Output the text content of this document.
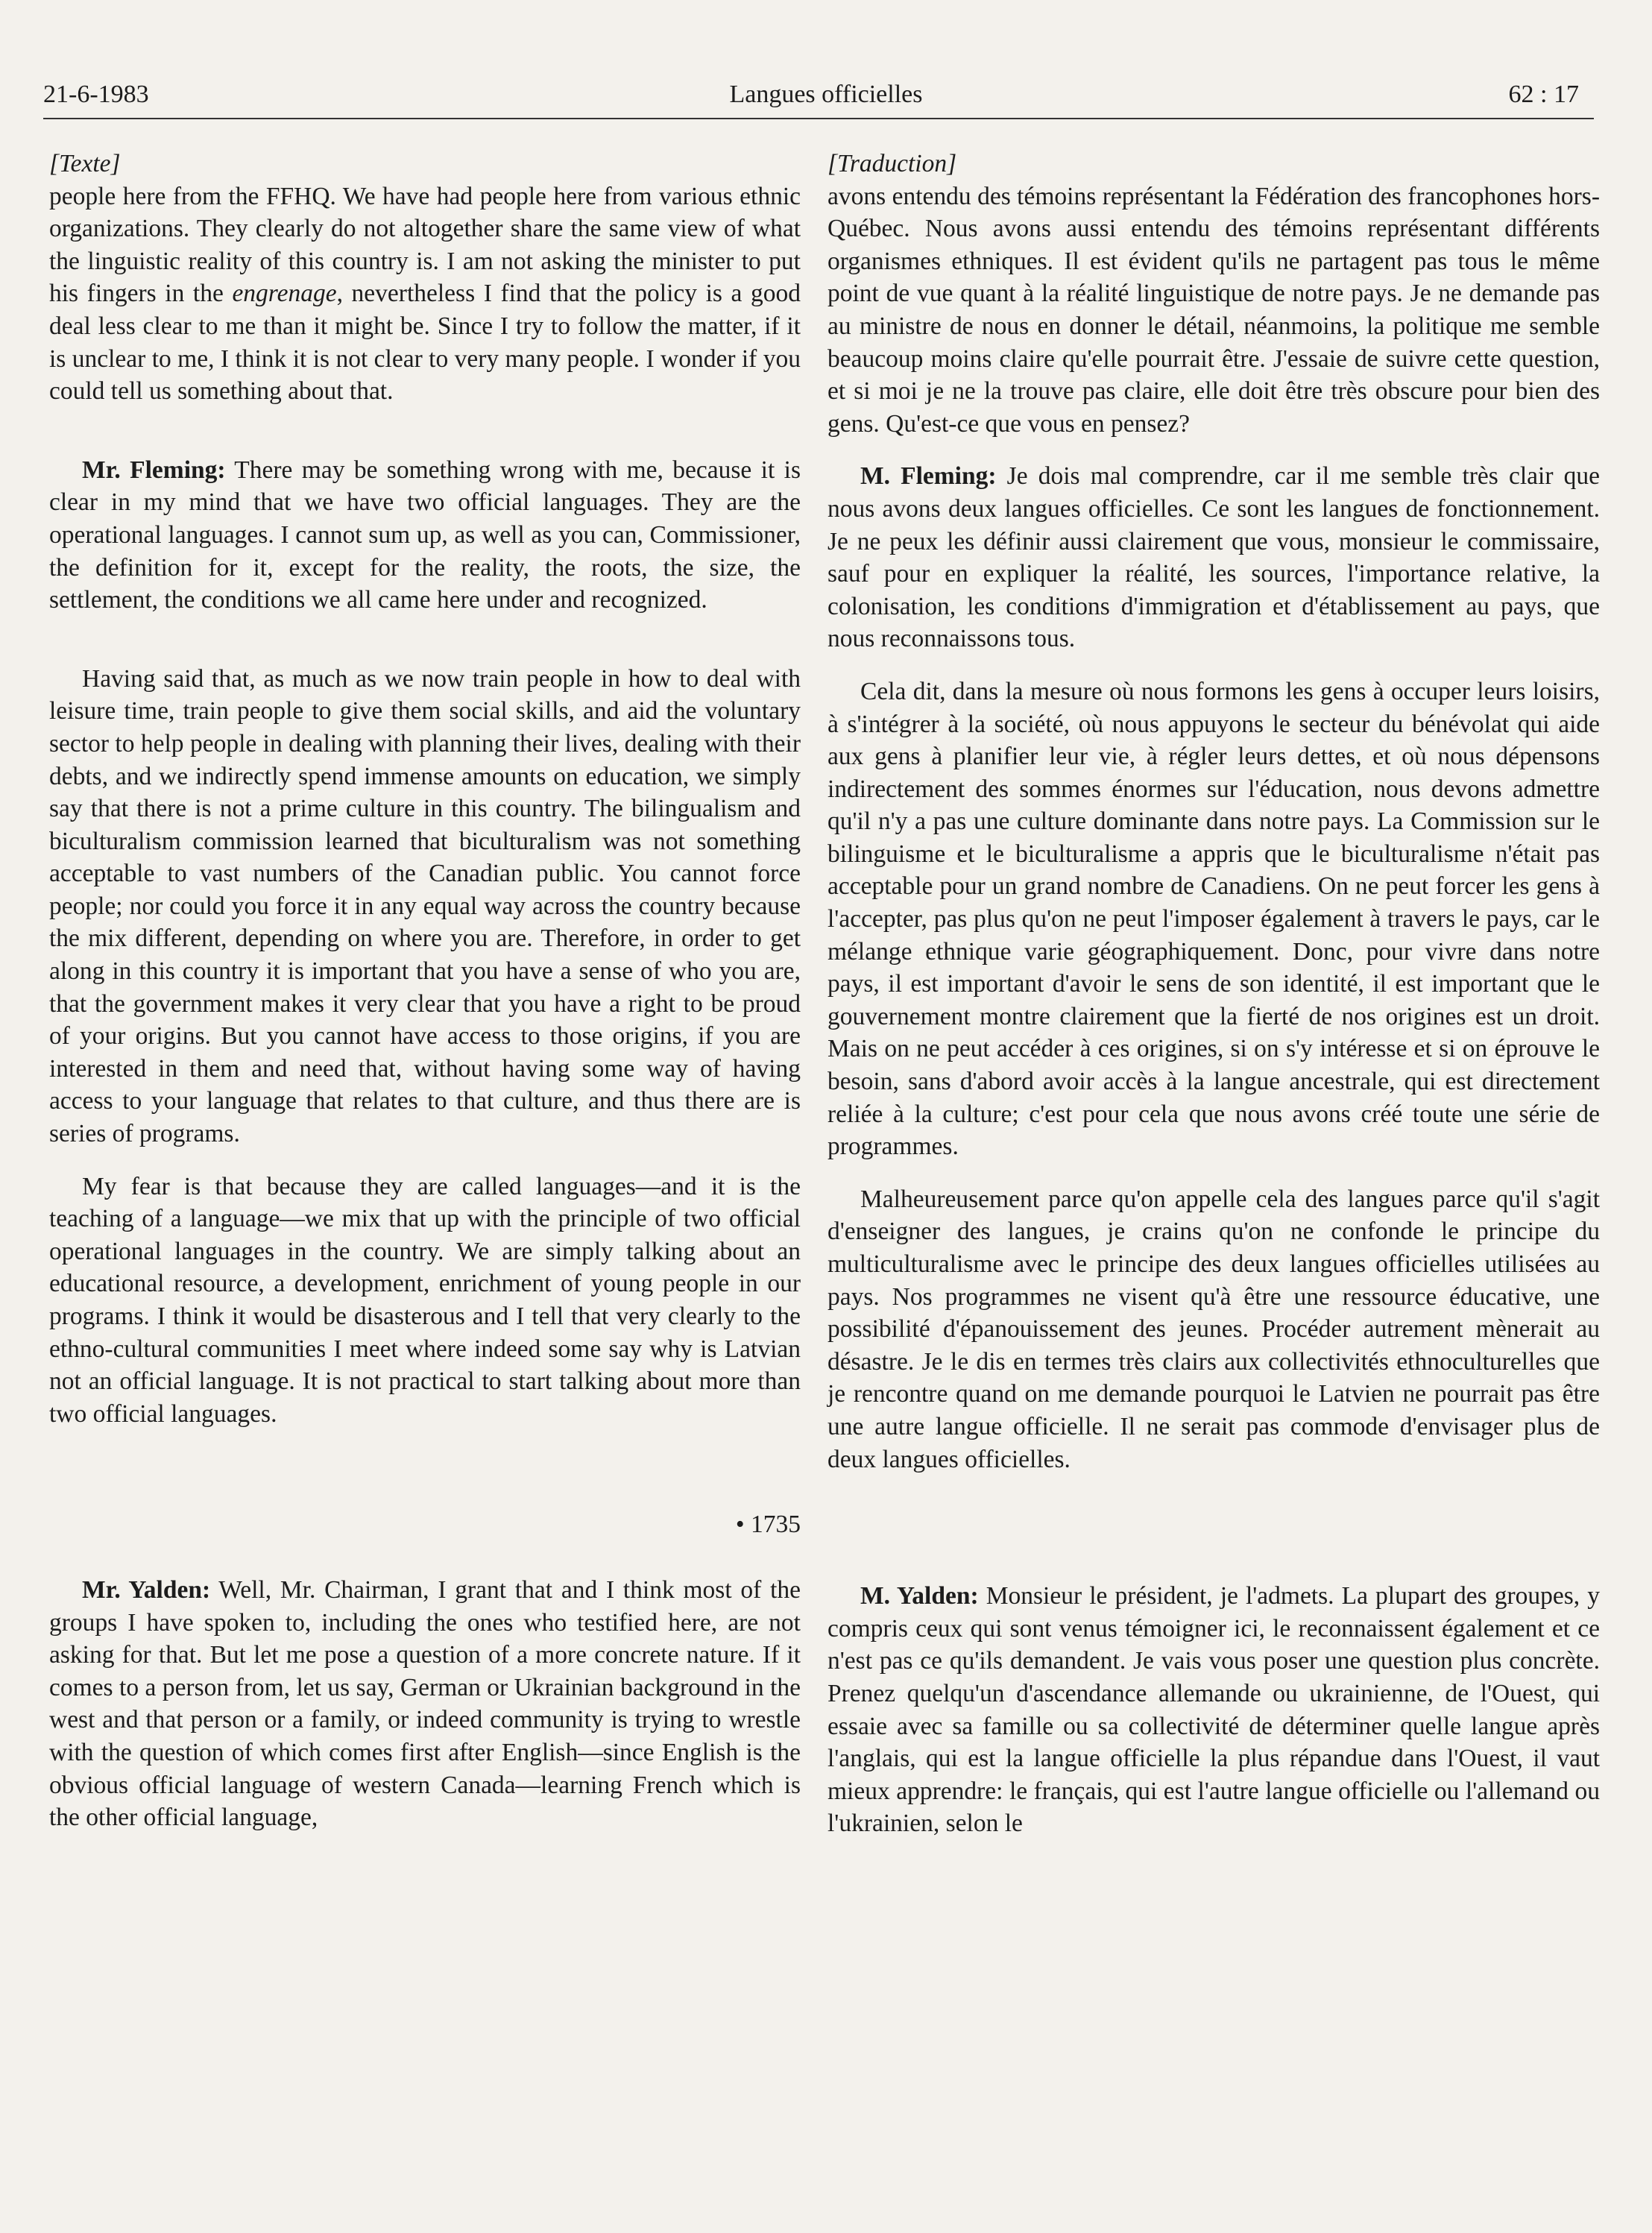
21-6-1983	Langues officielles	62 : 17

[Texte]

people here from the FFHQ. We have had people here from various ethnic organizations. They clearly do not altogether share the same view of what the linguistic reality of this country is. I am not asking the minister to put his fingers in the engrenage, nevertheless I find that the policy is a good deal less clear to me than it might be. Since I try to follow the matter, if it is unclear to me, I think it is not clear to very many people. I wonder if you could tell us something about that.

Mr. Fleming: There may be something wrong with me, because it is clear in my mind that we have two official languages. They are the operational languages. I cannot sum up, as well as you can, Commissioner, the definition for it, except for the reality, the roots, the size, the settlement, the conditions we all came here under and recognized.

Having said that, as much as we now train people in how to deal with leisure time, train people to give them social skills, and aid the voluntary sector to help people in dealing with planning their lives, dealing with their debts, and we indirectly spend immense amounts on education, we simply say that there is not a prime culture in this country. The bilingualism and biculturalism commission learned that biculturalism was not something acceptable to vast numbers of the Canadian public. You cannot force people; nor could you force it in any equal way across the country because the mix different, depending on where you are. Therefore, in order to get along in this country it is important that you have a sense of who you are, that the government makes it very clear that you have a right to be proud of your origins. But you cannot have access to those origins, if you are interested in them and need that, without having some way of having access to your language that relates to that culture, and thus there are is series of programs.

My fear is that because they are called languages—and it is the teaching of a language—we mix that up with the principle of two official operational languages in the country. We are simply talking about an educational resource, a development, enrichment of young people in our programs. I think it would be disasterous and I tell that very clearly to the ethno-cultural communities I meet where indeed some say why is Latvian not an official language. It is not practical to start talking about more than two official languages.

• 1735

Mr. Yalden: Well, Mr. Chairman, I grant that and I think most of the groups I have spoken to, including the ones who testified here, are not asking for that. But let me pose a question of a more concrete nature. If it comes to a person from, let us say, German or Ukrainian background in the west and that person or a family, or indeed community is trying to wrestle with the question of which comes first after English—since English is the obvious official language of western Canada—learning French which is the other official language,

[Traduction]

avons entendu des témoins représentant la Fédération des francophones hors-Québec. Nous avons aussi entendu des témoins représentant différents organismes ethniques. Il est évident qu'ils ne partagent pas tous le même point de vue quant à la réalité linguistique de notre pays. Je ne demande pas au ministre de nous en donner le détail, néanmoins, la politique me semble beaucoup moins claire qu'elle pourrait être. J'essaie de suivre cette question, et si moi je ne la trouve pas claire, elle doit être très obscure pour bien des gens. Qu'est-ce que vous en pensez?

M. Fleming: Je dois mal comprendre, car il me semble très clair que nous avons deux langues officielles. Ce sont les langues de fonctionnement. Je ne peux les définir aussi clairement que vous, monsieur le commissaire, sauf pour en expliquer la réalité, les sources, l'importance relative, la colonisation, les conditions d'immigration et d'établissement au pays, que nous reconnaissons tous.

Cela dit, dans la mesure où nous formons les gens à occuper leurs loisirs, à s'intégrer à la société, où nous appuyons le secteur du bénévolat qui aide aux gens à planifier leur vie, à régler leurs dettes, et où nous dépensons indirectement des sommes énormes sur l'éducation, nous devons admettre qu'il n'y a pas une culture dominante dans notre pays. La Commission sur le bilinguisme et le biculturalisme a appris que le biculturalisme n'était pas acceptable pour un grand nombre de Canadiens. On ne peut forcer les gens à l'accepter, pas plus qu'on ne peut l'imposer également à travers le pays, car le mélange ethnique varie géographiquement. Donc, pour vivre dans notre pays, il est important d'avoir le sens de son identité, il est important que le gouvernement montre clairement que la fierté de nos origines est un droit. Mais on ne peut accéder à ces origines, si on s'y intéresse et si on éprouve le besoin, sans d'abord avoir accès à la langue ancestrale, qui est directement reliée à la culture; c'est pour cela que nous avons créé toute une série de programmes.

Malheureusement parce qu'on appelle cela des langues parce qu'il s'agit d'enseigner des langues, je crains qu'on ne confonde le principe du multiculturalisme avec le principe des deux langues officielles utilisées au pays. Nos programmes ne visent qu'à être une ressource éducative, une possibilité d'épanouissement des jeunes. Procéder autrement mènerait au désastre. Je le dis en termes très clairs aux collectivités ethnoculturelles que je rencontre quand on me demande pourquoi le Latvien ne pourrait pas être une autre langue officielle. Il ne serait pas commode d'envisager plus de deux langues officielles.

M. Yalden: Monsieur le président, je l'admets. La plupart des groupes, y compris ceux qui sont venus témoigner ici, le reconnaissent également et ce n'est pas ce qu'ils demandent. Je vais vous poser une question plus concrète. Prenez quelqu'un d'ascendance allemande ou ukrainienne, de l'Ouest, qui essaie avec sa famille ou sa collectivité de déterminer quelle langue après l'anglais, qui est la langue officielle la plus répandue dans l'Ouest, il vaut mieux apprendre: le français, qui est l'autre langue officielle ou l'allemand ou l'ukrainien, selon le
